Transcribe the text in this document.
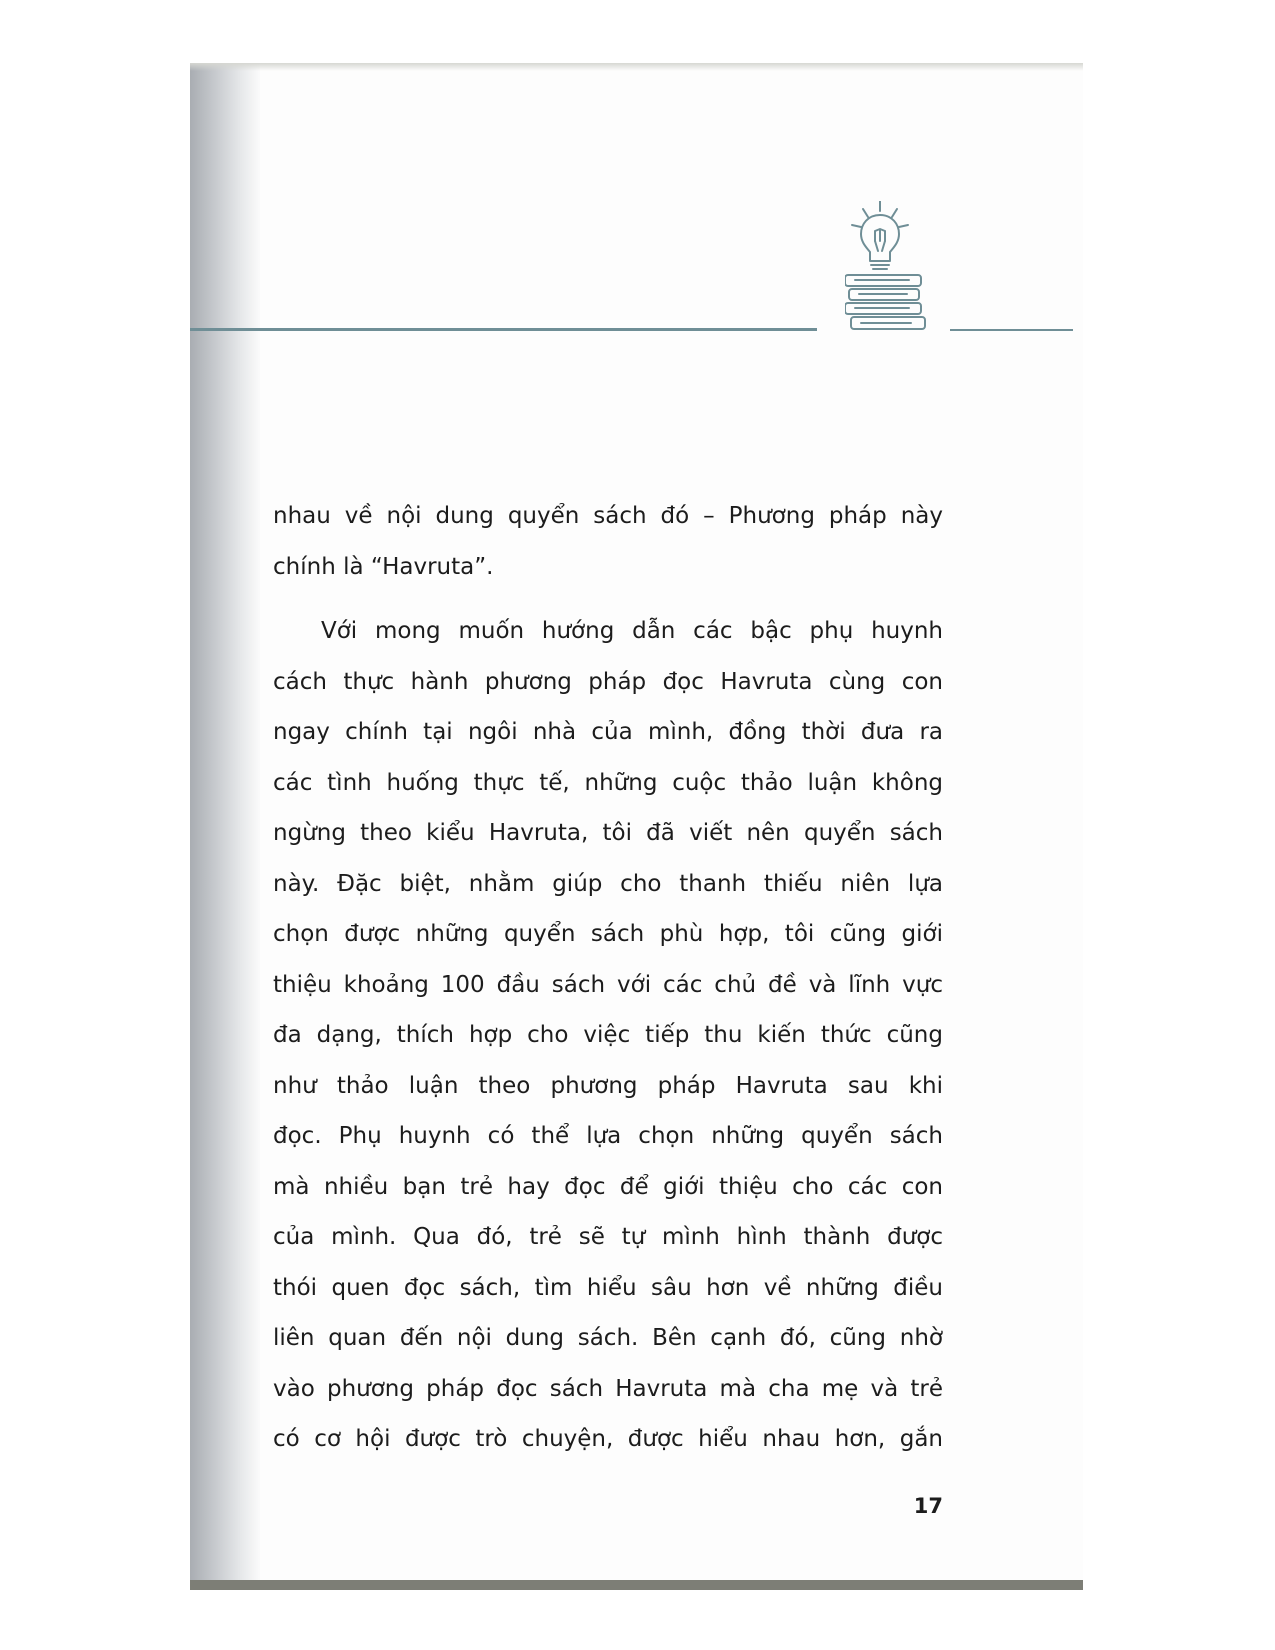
nhau về nội dung quyển sách đó – Phương pháp này
chính là “Havruta”.
Với mong muốn hướng dẫn các bậc phụ huynh
cách thực hành phương pháp đọc Havruta cùng con
ngay chính tại ngôi nhà của mình, đồng thời đưa ra
các tình huống thực tế, những cuộc thảo luận không
ngừng theo kiểu Havruta, tôi đã viết nên quyển sách
này. Đặc biệt, nhằm giúp cho thanh thiếu niên lựa
chọn được những quyển sách phù hợp, tôi cũng giới
thiệu khoảng 100 đầu sách với các chủ đề và lĩnh vực
đa dạng, thích hợp cho việc tiếp thu kiến thức cũng
như thảo luận theo phương pháp Havruta sau khi
đọc. Phụ huynh có thể lựa chọn những quyển sách
mà nhiều bạn trẻ hay đọc để giới thiệu cho các con
của mình. Qua đó, trẻ sẽ tự mình hình thành được
thói quen đọc sách, tìm hiểu sâu hơn về những điều
liên quan đến nội dung sách. Bên cạnh đó, cũng nhờ
vào phương pháp đọc sách Havruta mà cha mẹ và trẻ
có cơ hội được trò chuyện, được hiểu nhau hơn, gắn
17
